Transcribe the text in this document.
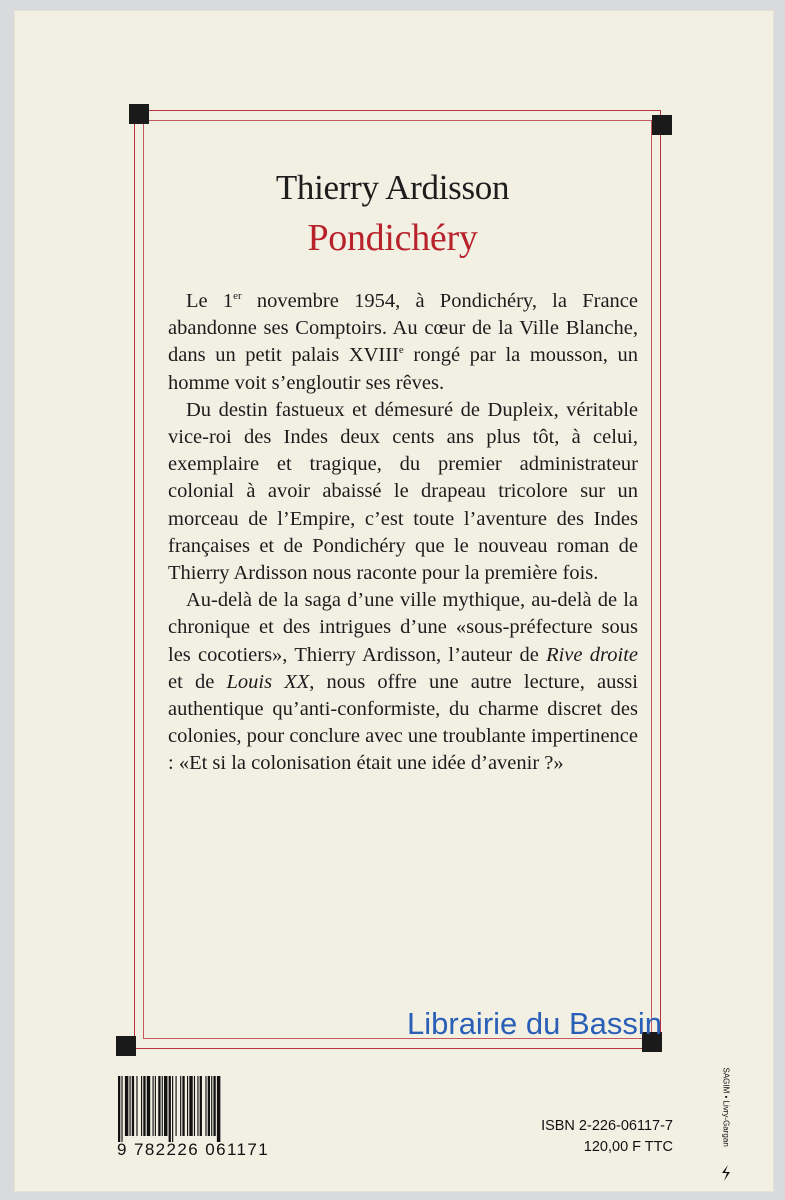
Thierry Ardisson
Pondichéry

Le 1er novembre 1954, à Pondichéry, la France abandonne ses Comptoirs. Au cœur de la Ville Blanche, dans un petit palais XVIIIe rongé par la mousson, un homme voit s’engloutir ses rêves.

Du destin fastueux et démesuré de Dupleix, véritable vice-roi des Indes deux cents ans plus tôt, à celui, exemplaire et tragique, du premier administrateur colonial à avoir abaissé le drapeau tricolore sur un morceau de l’Empire, c’est toute l’aventure des Indes françaises et de Pondichéry que le nouveau roman de Thierry Ardisson nous raconte pour la première fois.

Au-delà de la saga d’une ville mythique, au-delà de la chronique et des intrigues d’une «sous-préfecture sous les cocotiers», Thierry Ardisson, l’auteur de Rive droite et de Louis XX, nous offre une autre lecture, aussi authentique qu’anti-conformiste, du charme discret des colonies, pour conclure avec une troublante impertinence : «Et si la colonisation était une idée d’avenir ?»

Librairie du Bassin
9 782226 061171
ISBN 2-226-06117-7
120,00 F TTC
SAGIM • Livry-Gargan
